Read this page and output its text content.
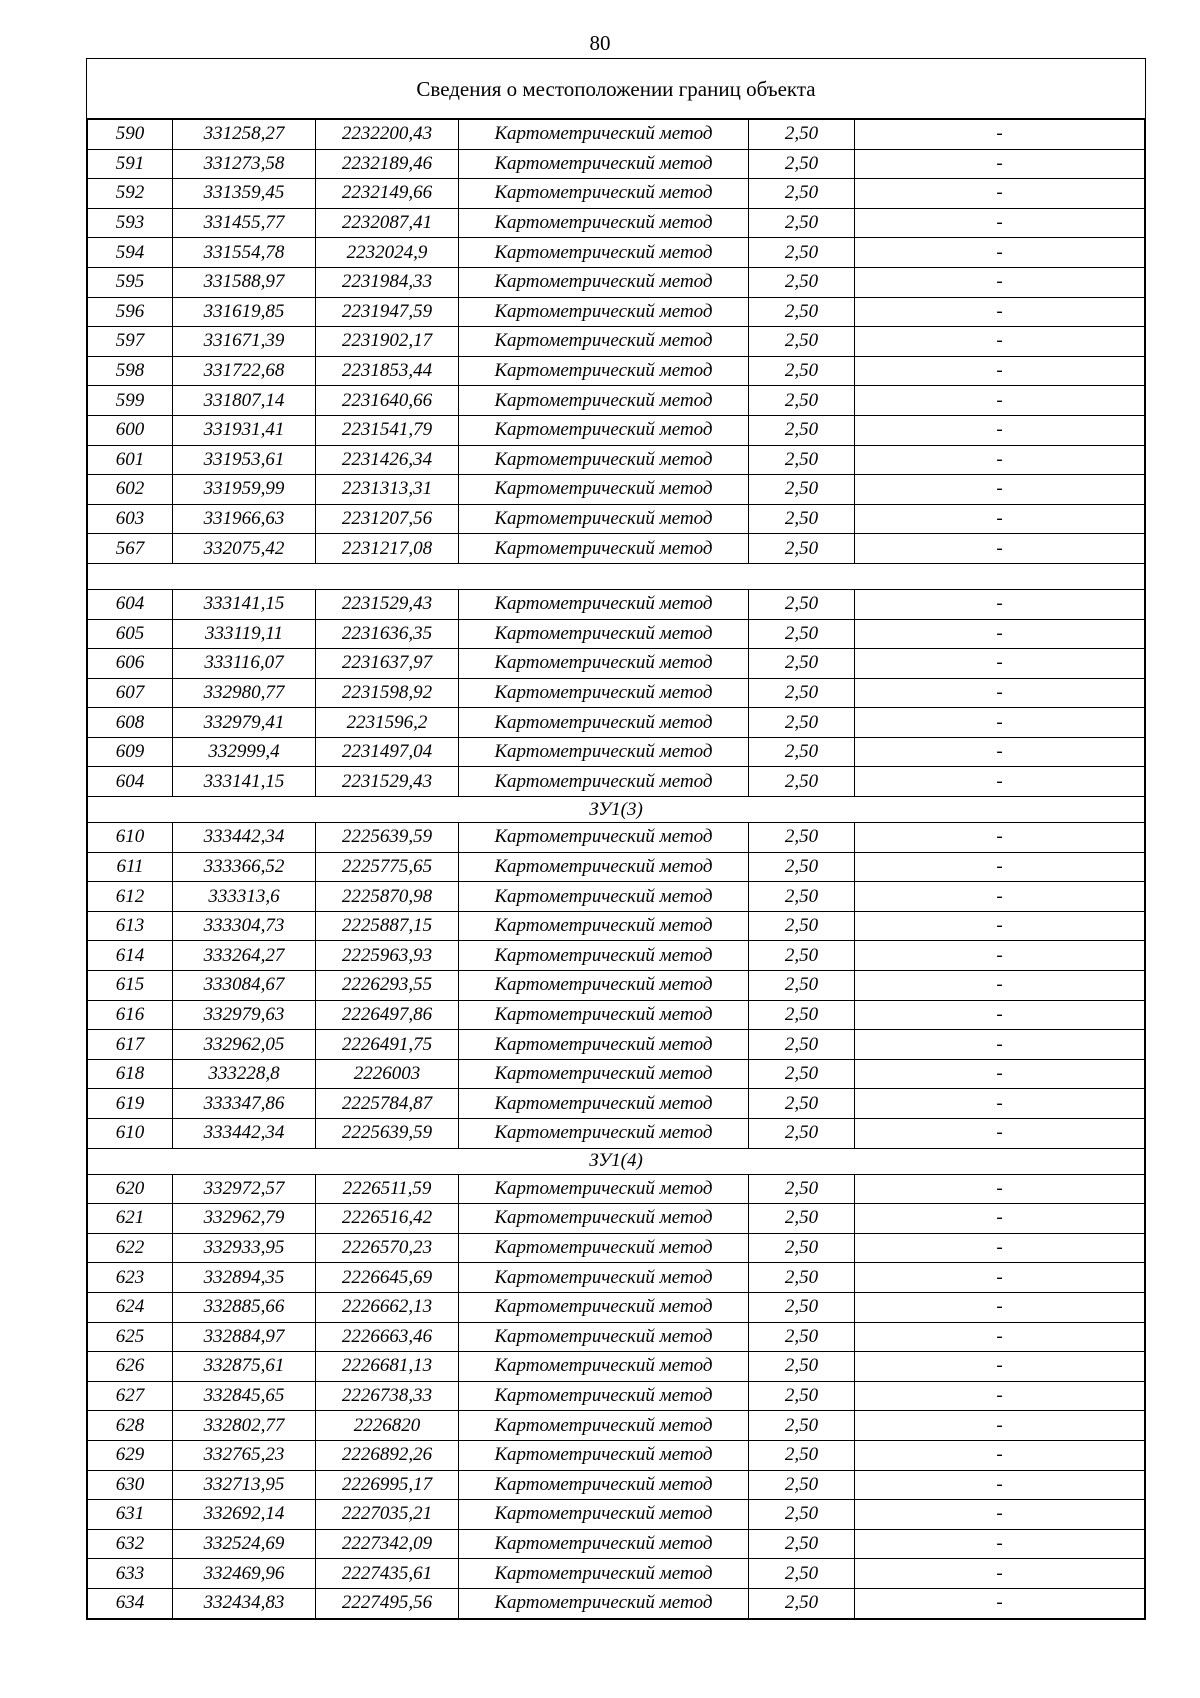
80
Сведения о местоположении границ объекта
590	331258,27	2232200,43	Картометрический метод	2,50	-
591	331273,58	2232189,46	Картометрический метод	2,50	-
592	331359,45	2232149,66	Картометрический метод	2,50	-
593	331455,77	2232087,41	Картометрический метод	2,50	-
594	331554,78	2232024,9	Картометрический метод	2,50	-
595	331588,97	2231984,33	Картометрический метод	2,50	-
596	331619,85	2231947,59	Картометрический метод	2,50	-
597	331671,39	2231902,17	Картометрический метод	2,50	-
598	331722,68	2231853,44	Картометрический метод	2,50	-
599	331807,14	2231640,66	Картометрический метод	2,50	-
600	331931,41	2231541,79	Картометрический метод	2,50	-
601	331953,61	2231426,34	Картометрический метод	2,50	-
602	331959,99	2231313,31	Картометрический метод	2,50	-
603	331966,63	2231207,56	Картометрический метод	2,50	-
567	332075,42	2231217,08	Картометрический метод	2,50	-

604	333141,15	2231529,43	Картометрический метод	2,50	-
605	333119,11	2231636,35	Картометрический метод	2,50	-
606	333116,07	2231637,97	Картометрический метод	2,50	-
607	332980,77	2231598,92	Картометрический метод	2,50	-
608	332979,41	2231596,2	Картометрический метод	2,50	-
609	332999,4	2231497,04	Картометрический метод	2,50	-
604	333141,15	2231529,43	Картометрический метод	2,50	-
ЗУ1(3)					
610	333442,34	2225639,59	Картометрический метод	2,50	-
611	333366,52	2225775,65	Картометрический метод	2,50	-
612	333313,6	2225870,98	Картометрический метод	2,50	-
613	333304,73	2225887,15	Картометрический метод	2,50	-
614	333264,27	2225963,93	Картометрический метод	2,50	-
615	333084,67	2226293,55	Картометрический метод	2,50	-
616	332979,63	2226497,86	Картометрический метод	2,50	-
617	332962,05	2226491,75	Картометрический метод	2,50	-
618	333228,8	2226003	Картометрический метод	2,50	-
619	333347,86	2225784,87	Картометрический метод	2,50	-
610	333442,34	2225639,59	Картометрический метод	2,50	-
ЗУ1(4)					
620	332972,57	2226511,59	Картометрический метод	2,50	-
621	332962,79	2226516,42	Картометрический метод	2,50	-
622	332933,95	2226570,23	Картометрический метод	2,50	-
623	332894,35	2226645,69	Картометрический метод	2,50	-
624	332885,66	2226662,13	Картометрический метод	2,50	-
625	332884,97	2226663,46	Картометрический метод	2,50	-
626	332875,61	2226681,13	Картометрический метод	2,50	-
627	332845,65	2226738,33	Картометрический метод	2,50	-
628	332802,77	2226820	Картометрический метод	2,50	-
629	332765,23	2226892,26	Картометрический метод	2,50	-
630	332713,95	2226995,17	Картометрический метод	2,50	-
631	332692,14	2227035,21	Картометрический метод	2,50	-
632	332524,69	2227342,09	Картометрический метод	2,50	-
633	332469,96	2227435,61	Картометрический метод	2,50	-
634	332434,83	2227495,56	Картометрический метод	2,50	-
